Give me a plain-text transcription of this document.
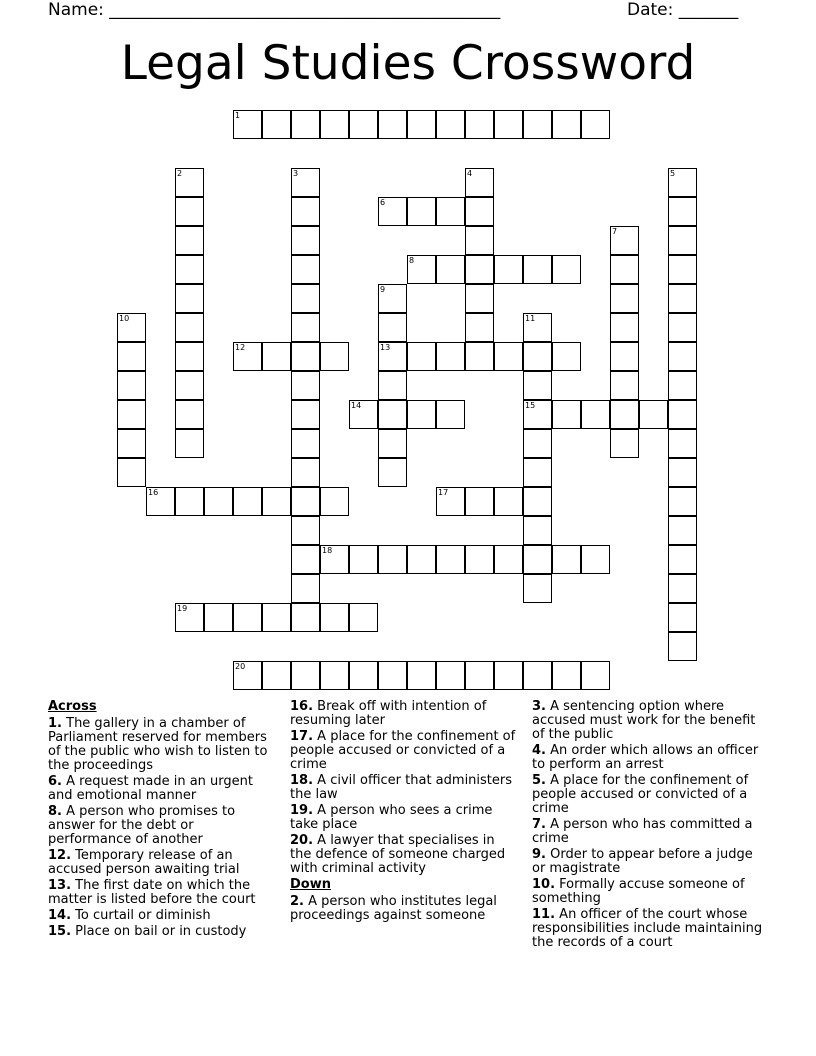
Name: ______________________________________________	Date: _______
Legal Studies Crossword
1
2	3	4	5
6
7
8
9
13
10	11
15
12
14
16	17
18
19
20
Across
1. The gallery in a chamber of Parliament reserved for members of the public who wish to listen to the proceedings
6. A request made in an urgent and emotional manner
8. A person who promises to answer for the debt or performance of another
12. Temporary release of an accused person awaiting trial
13. The first date on which the matter is listed before the court
14. To curtail or diminish
15. Place on bail or in custody
16. Break off with intention of resuming later
17. A place for the confinement of people accused or convicted of a crime
18. A civil officer that administers the law
19. A person who sees a crime take place
20. A lawyer that specialises in the defence of someone charged with criminal activity
Down
2. A person who institutes legal proceedings against someone
3. A sentencing option where accused must work for the benefit of the public
4. An order which allows an officer to perform an arrest
5. A place for the confinement of people accused or convicted of a crime
7. A person who has committed a crime
9. Order to appear before a judge or magistrate
10. Formally accuse someone of something
11. An officer of the court whose responsibilities include maintaining the records of a court
